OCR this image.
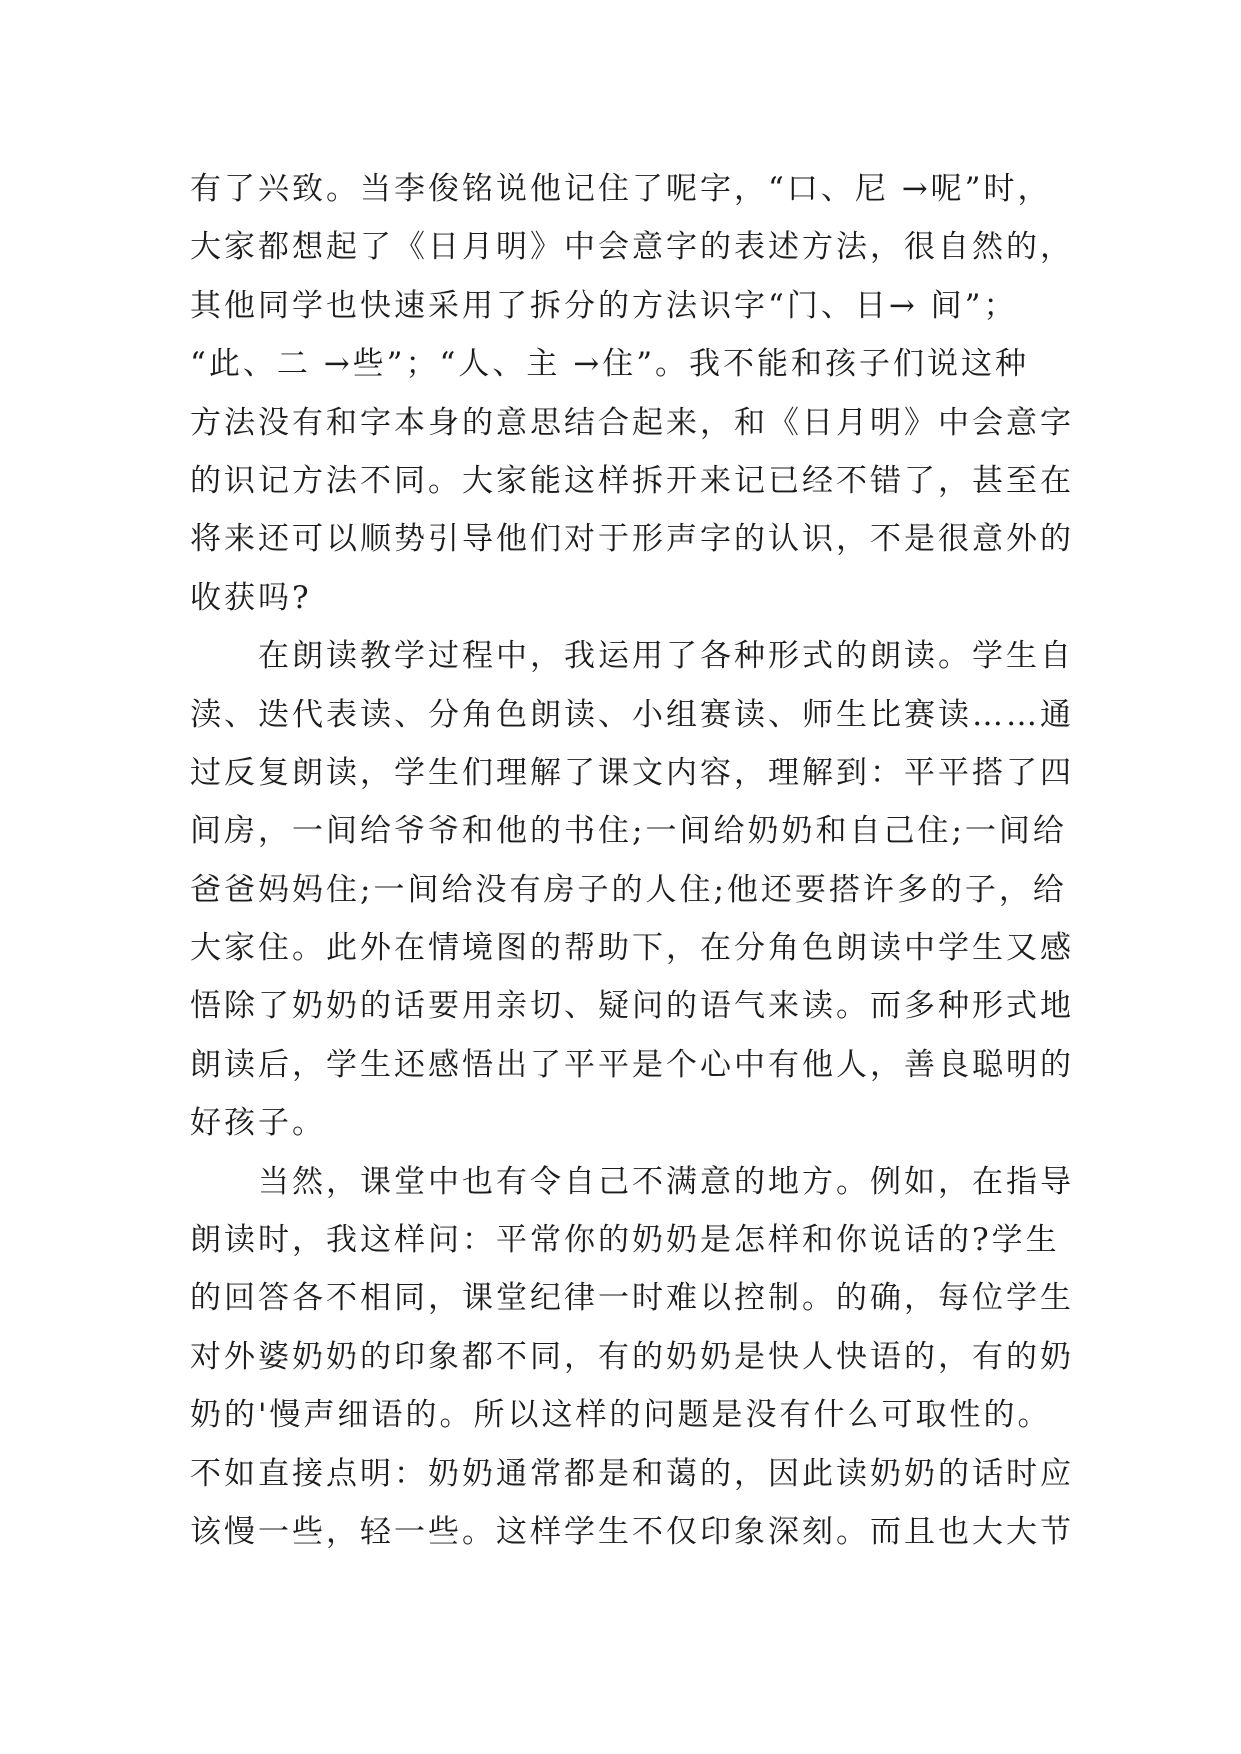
有了兴致。当李俊铭说他记住了呢字，“口、尼 →呢”时，
大家都想起了《日月明》中会意字的表述方法，很自然的，
其他同学也快速采用了拆分的方法识字“门、日→ 间”；
“此、二 →些”；“人、主 →住”。我不能和孩子们说这种
方法没有和字本身的意思结合起来，和《日月明》中会意字
的识记方法不同。大家能这样拆开来记已经不错了，甚至在
将来还可以顺势引导他们对于形声字的认识，不是很意外的
收获吗?
在朗读教学过程中，我运用了各种形式的朗读。学生自
渎、迭代表读、分角色朗读、小组赛读、师生比赛读……通
过反复朗读，学生们理解了课文内容，理解到：平平搭了四
间房，一间给爷爷和他的书住;一间给奶奶和自己住;一间给
爸爸妈妈住;一间给没有房子的人住;他还要搭许多的子，给
大家住。此外在情境图的帮助下，在分角色朗读中学生又感
悟除了奶奶的话要用亲切、疑问的语气来读。而多种形式地
朗读后，学生还感悟出了平平是个心中有他人，善良聪明的
好孩子。
当然，课堂中也有令自己不满意的地方。例如，在指导
朗读时，我这样问：平常你的奶奶是怎样和你说话的?学生
的回答各不相同，课堂纪律一时难以控制。的确，每位学生
对外婆奶奶的印象都不同，有的奶奶是快人快语的，有的奶
奶的'慢声细语的。所以这样的问题是没有什么可取性的。
不如直接点明：奶奶通常都是和蔼的，因此读奶奶的话时应
该慢一些，轻一些。这样学生不仅印象深刻。而且也大大节
